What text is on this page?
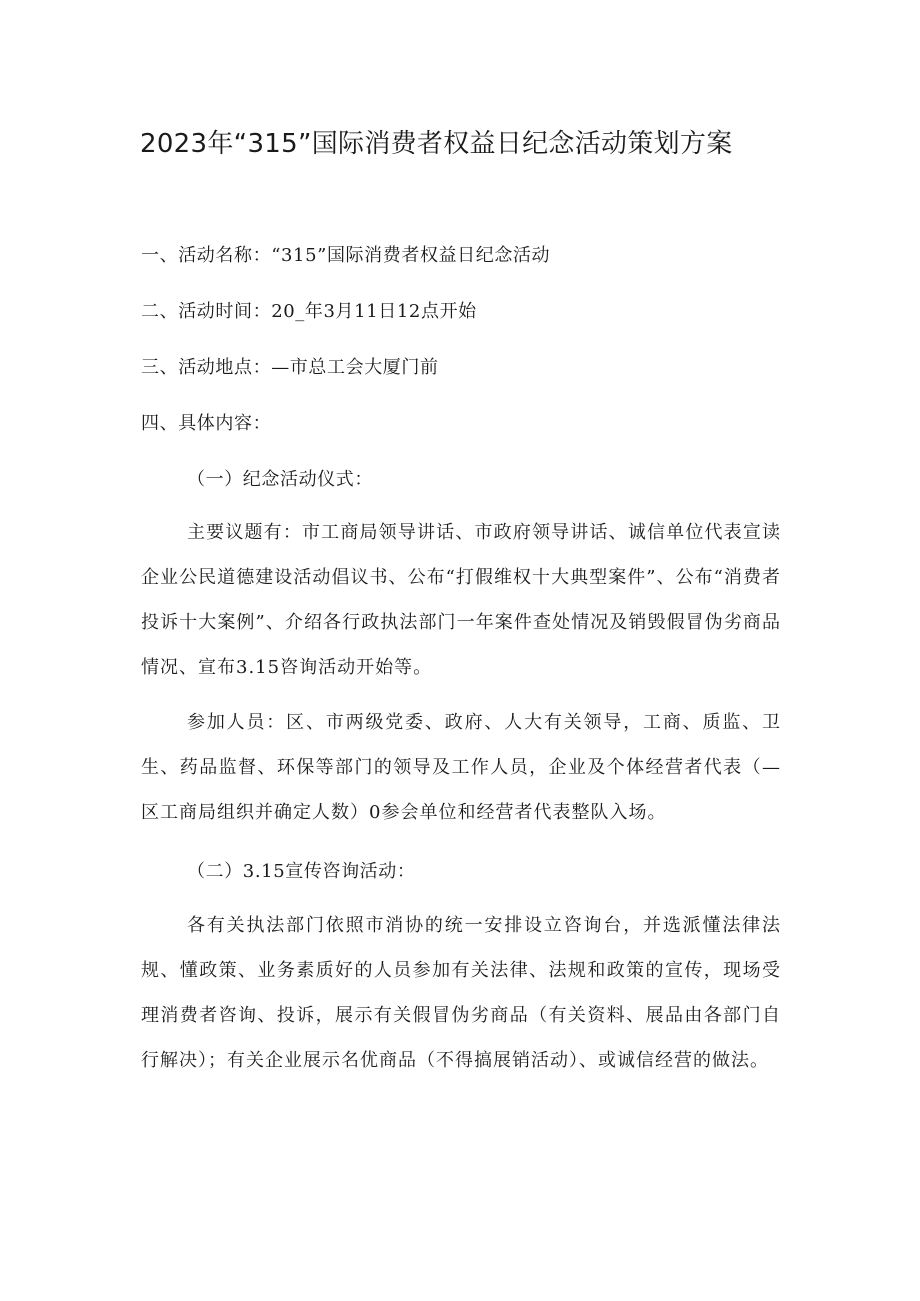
2023年“315”国际消费者权益日纪念活动策划方案
一、活动名称：“315”国际消费者权益日纪念活动
二、活动时间：20_年3月11日12点开始
三、活动地点：—市总工会大厦门前
四、具体内容：
（一）纪念活动仪式：

主要议题有：市工商局领导讲话、市政府领导讲话、诚信单位代表宣读企业公民道德建设活动倡议书、公布“打假维权十大典型案件”、公布“消费者投诉十大案例”、介绍各行政执法部门一年案件查处情况及销毁假冒伪劣商品情况、宣布3.15咨询活动开始等。

参加人员：区、市两级党委、政府、人大有关领导，工商、质监、卫生、药品监督、环保等部门的领导及工作人员，企业及个体经营者代表（—区工商局组织并确定人数）0参会单位和经营者代表整队入场。

（二）3.15宣传咨询活动：

各有关执法部门依照市消协的统一安排设立咨询台，并选派懂法律法规、懂政策、业务素质好的人员参加有关法律、法规和政策的宣传，现场受理消费者咨询、投诉，展示有关假冒伪劣商品（有关资料、展品由各部门自行解决）；有关企业展示名优商品（不得搞展销活动）、或诚信经营的做法。
